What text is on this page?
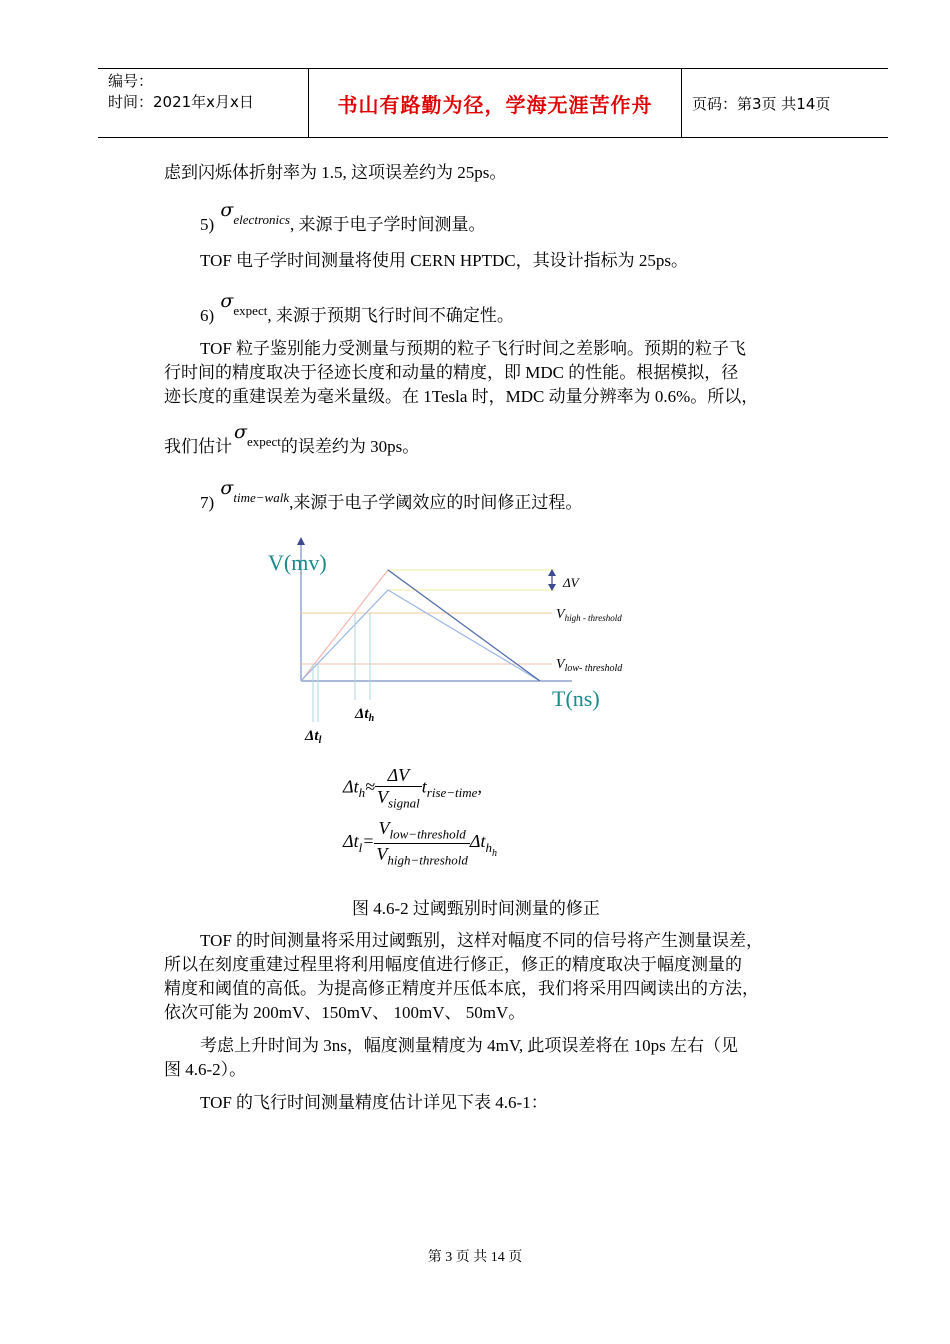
编号：
时间：2021年x月x日	书山有路勤为径，学海无涯苦作舟	页码：第3页 共14页
虑到闪烁体折射率为 1.5, 这项误差约为 25ps。
5) $\sigma^{electronics}$, 来源于电子学时间测量。
TOF 电子学时间测量将使用 CERN HPTDC，其设计指标为 25ps。
6) $\sigma^{expect}$, 来源于预期飞行时间不确定性。
TOF 粒子鉴别能力受测量与预期的粒子飞行时间之差影响。预期的粒子飞
行时间的精度取决于径迹长度和动量的精度，即 MDC 的性能。根据模拟，径
迹长度的重建误差为毫米量级。在 1Tesla 时，MDC 动量分辨率为 0.6%。所以，
我们估计$\sigma^{expect}$的误差约为 30ps。
7) $\sigma^{time-walk}$,来源于电子学阈效应的时间修正过程。
V(mv)
T(ns)
ΔV
$V_{high - threshold}$
$V_{low- threshold}$
$\Delta t_h$
$\Delta t_l$
$\Delta t_h\approx \frac{\Delta V}{V_{signal}} t_{rise-time}$,
$\Delta t_l= \frac{V_{low-threshold}}{V_{high-threshold}} \Delta t_{hh}$
图 4.6-2 过阈甄别时间测量的修正
TOF 的时间测量将采用过阈甄别，这样对幅度不同的信号将产生测量误差，
所以在刻度重建过程里将利用幅度值进行修正，修正的精度取决于幅度测量的
精度和阈值的高低。为提高修正精度并压低本底，我们将采用四阈读出的方法，
依次可能为 200mV、150mV、 100mV、 50mV。
考虑上升时间为 3ns，幅度测量精度为 4mV, 此项误差将在 10ps 左右（见
图 4.6-2）。
TOF 的飞行时间测量精度估计详见下表 4.6-1：
第 3 页 共 14 页
